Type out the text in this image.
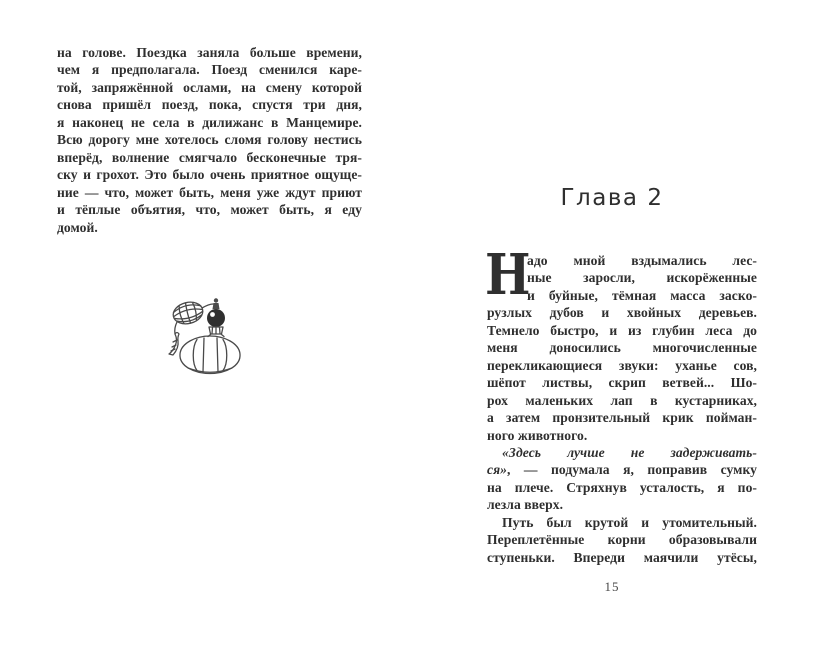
на голове. Поездка заняла больше времени,
чем я предполагала. Поезд сменился каре-
той, запряжённой ослами, на смену которой
снова пришёл поезд, пока, спустя три дня,
я наконец не села в дилижанс в Манцемире.
Всю дорогу мне хотелось сломя голову нестись
вперёд, волнение смягчало бесконечные тря-
ску и грохот. Это было очень приятное ощуще-
ние — что, может быть, меня уже ждут приют
и тёплые объятия, что, может быть, я еду
домой.
Глава 2
Н
адо мной вздымались лес-
ные заросли, искорёженные
и буйные, тёмная масса заско-
рузлых дубов и хвойных деревьев.
Темнело быстро, и из глубин леса до
меня доносились многочисленные
перекликающиеся звуки: уханье сов,
шёпот листвы, скрип ветвей... Шо-
рох маленьких лап в кустарниках,
а затем пронзительный крик пойман-
ного животного.
«Здесь лучше не задерживать-
ся», — подумала я, поправив сумку
на плече. Стряхнув усталость, я по-
лезла вверх.
Путь был крутой и утомительный.
Переплетённые корни образовывали
ступеньки. Впереди маячили утёсы,
15
